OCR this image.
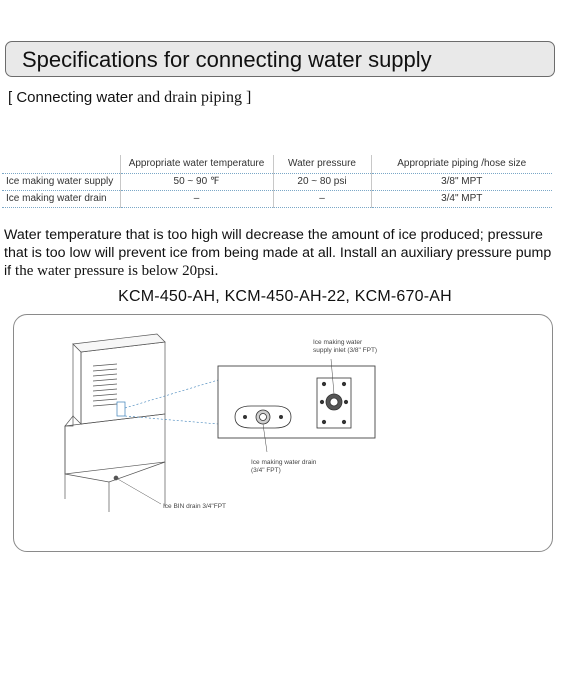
Specifications for connecting water supply
[ Connecting water and drain piping ]
	Appropriate water temperature	Water pressure	Appropriate piping /hose size
Ice making water supply	50 ~ 90 ℉	20 ~ 80 psi	3/8" MPT
Ice making water drain	–	–	3/4" MPT
Water temperature that is too high will decrease the amount of ice produced; pressure that is too low will prevent ice from being made at all. Install an auxiliary pressure pump if the water pressure is below 20psi.
KCM-450-AH, KCM-450-AH-22, KCM-670-AH
Ice making water
supply inlet (3/8" FPT)
Ice making water drain
(3/4" FPT)
Ice BIN drain 3/4"FPT
